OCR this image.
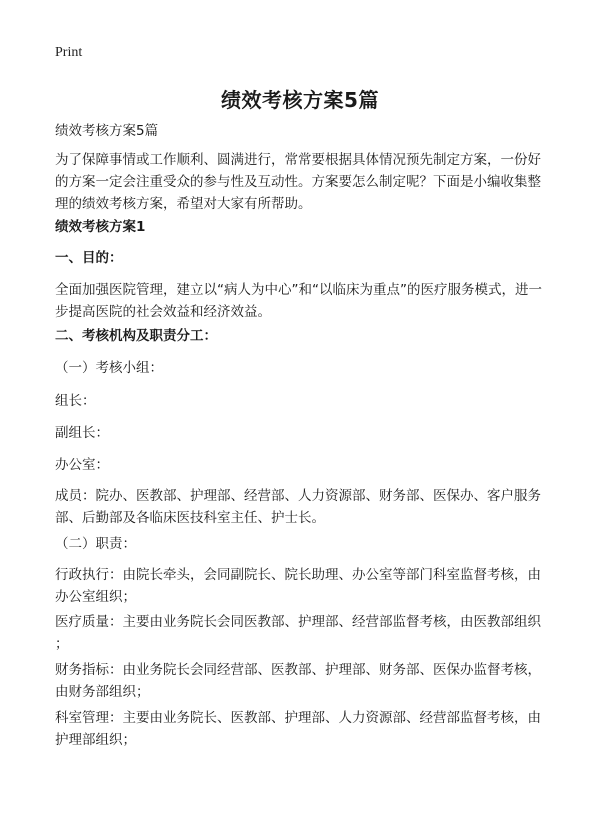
Print
绩效考核方案5篇
绩效考核方案5篇
为了保障事情或工作顺利、圆满进行，常常要根据具体情况预先制定方案，一份好
的方案一定会注重受众的参与性及互动性。方案要怎么制定呢？下面是小编收集整
理的绩效考核方案，希望对大家有所帮助。
绩效考核方案1
一、目的：
全面加强医院管理，建立以“病人为中心”和“以临床为重点”的医疗服务模式，进一
步提高医院的社会效益和经济效益。
二、考核机构及职责分工：
（一）考核小组：
组长：
副组长：
办公室：
成员：院办、医教部、护理部、经营部、人力资源部、财务部、医保办、客户服务
部、后勤部及各临床医技科室主任、护士长。
（二）职责：
行政执行：由院长牵头，会同副院长、院长助理、办公室等部门科室监督考核，由
办公室组织；
医疗质量：主要由业务院长会同医教部、护理部、经营部监督考核，由医教部组织
；
财务指标：由业务院长会同经营部、医教部、护理部、财务部、医保办监督考核，
由财务部组织；
科室管理：主要由业务院长、医教部、护理部、人力资源部、经营部监督考核，由
护理部组织；
